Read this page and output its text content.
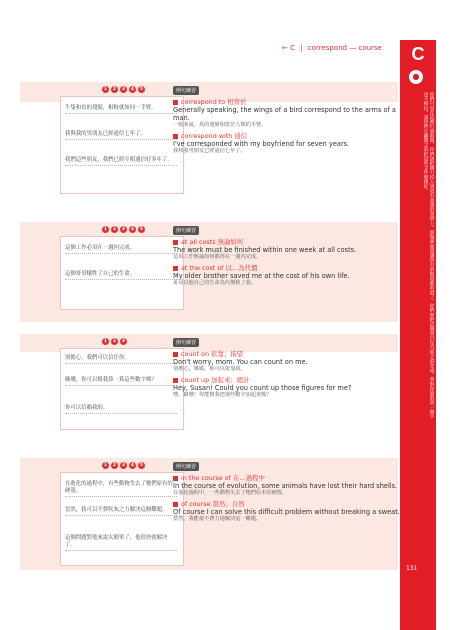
← C | correspond — course	C
●
你們只是在這裡打發時間，你們該把精力投入到更有意義的事情上。那場暴風雨讓所有的航班都取消了。你們要把這個項目在月底之前完成。我對你說的話一個字也不相信。請你們在離開之前把這些文件整理好。
131
1	2	3	4	5
牛隻和鳥的翅膀，相較就如同一手臂。
我與我的男朋友已經通信七年了。
我們這些朋友，我們已經互相通信好多年了。
例句練習
correspond to 相當於
Generally speaking, the wings of a bird correspond to the arms of a man.
一般來說，鳥的翅膀相當於人類的手臂。
correspond with 通信
I've corresponded with my boyfriend for seven years.
我和我男朋友已經通信七年了。
1	2	3	4	5
這個工作必須在一週內完成。
這個哥哥犧牲了自己的生命。
例句練習
at all costs 無論如何
The work must be finished within one week at all costs.
這項工作無論如何都得在一週內完成。
at the cost of 以…為代價
My older brother saved me at the cost of his own life.
哥哥以他自己的生命為代價救了我。
1	2	3
別擔心，我們可以信任你。
蘇珊，你可以幫我算一算這些數字嗎？
你可以信賴我的。
例句練習
count on 依靠；指望
Don't worry, mom. You can count on me.
別擔心，媽媽。妳可以依靠我。
count up 加起來；總計
Hey, Susan! Could you count up those figures for me?
嘿，蘇珊！你能幫我把那些數字加起來嗎？
1	2	3	4	5
在進化的過程中，有些動物失去了牠們原有的硬殼。
當然，我可以不費吹灰之力解決這個難題。
這個問題對他來說太簡單了，他很快就解決了。
例句練習
in the course of 在…過程中
In the course of evolution, some animals have lost their hard shells.
在演化過程中，一些動物失去了牠們原本的硬殼。
of course 當然；自然
Of course I can solve this difficult problem without breaking a sweat.
當然，我能毫不費力地解決這一難題。
